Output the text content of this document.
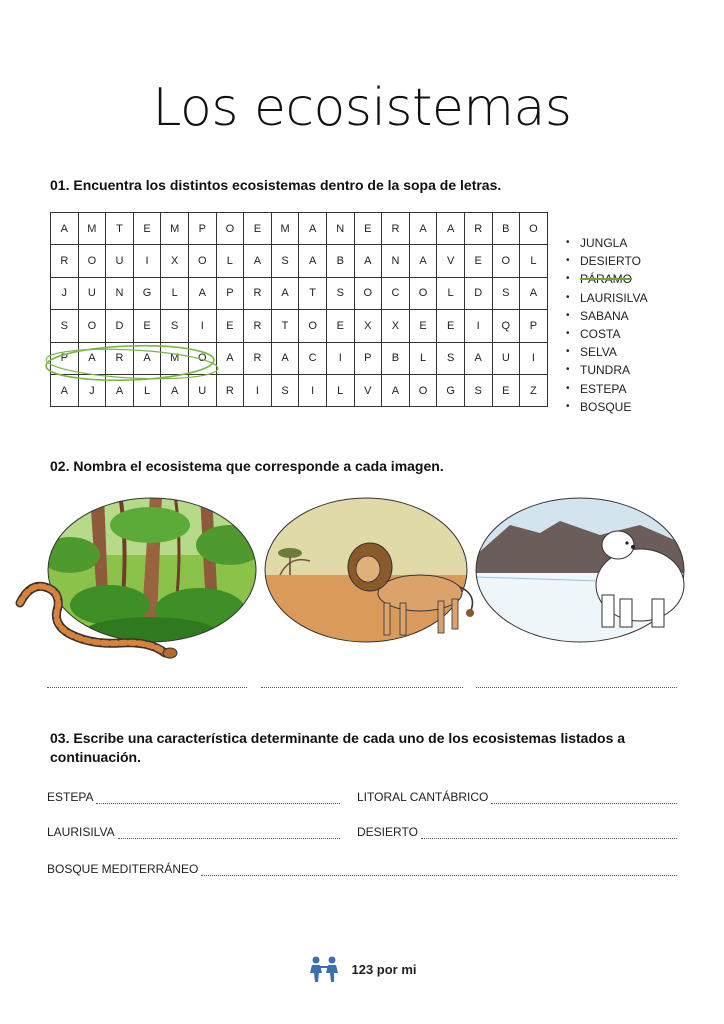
Los ecosistemas
01. Encuentra los distintos ecosistemas dentro de la sopa de letras.
A	M	T	E	M	P	O	E	M	A	N	E	R	A	A	R	B	O
R	O	U	I	X	O	L	A	S	A	B	A	N	A	V	E	O	L
J	U	N	G	L	A	P	R	A	T	S	O	C	O	L	D	S	A
S	O	D	E	S	I	E	R	T	O	E	X	X	E	E	I	Q	P
P	A	R	A	M	O	A	R	A	C	I	P	B	L	S	A	U	I
A	J	A	L	A	U	R	I	S	I	L	V	A	O	G	S	E	Z
• JUNGLA
• DESIERTO
• PÁRAMO
• LAURISILVA
• SABANA
• COSTA
• SELVA
• TUNDRA
• ESTEPA
• BOSQUE
02. Nombra el ecosistema que corresponde a cada imagen.
03. Escribe una característica determinante de cada uno de los ecosistemas listados a continuación.
ESTEPA	LITORAL CANTÁBRICO
LAURISILVA	DESIERTO
BOSQUE MEDITERRÁNEO
123 por mi
